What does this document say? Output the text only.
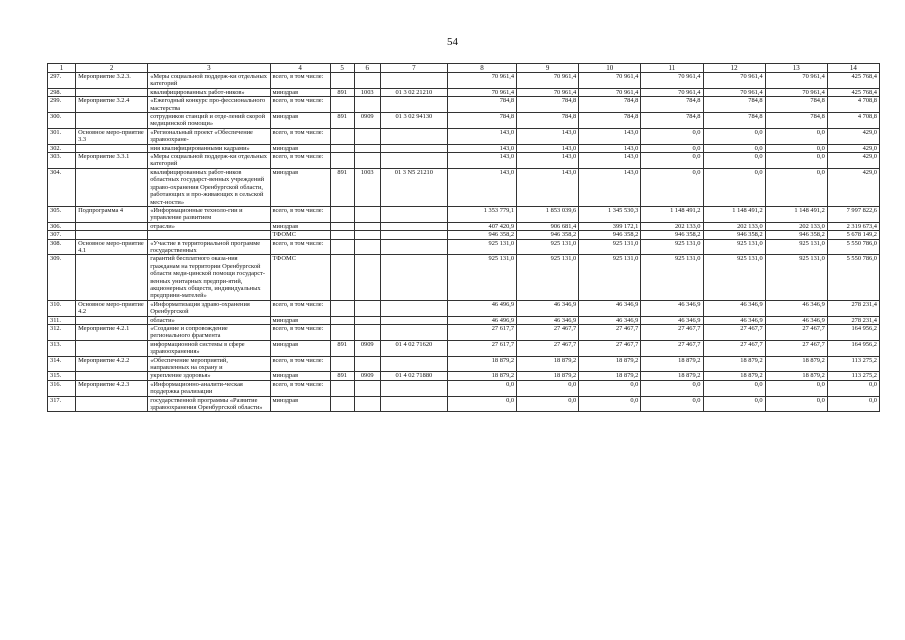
54
1	2	3	4	5	6	7	8	9	10	11	12	13	14
297.	Мероприятие 3.2.3.	«Меры социальной поддерж-ки отдельных категорий	всего, в том числе:				70 961,4	70 961,4	70 961,4	70 961,4	70 961,4	70 961,4	425 768,4
298.		квалифицированных работ-ников»	минздрав	891	1003	01 3 02 21210	70 961,4	70 961,4	70 961,4	70 961,4	70 961,4	70 961,4	425 768,4
299.	Мероприятие 3.2.4	«Ежегодный конкурс про-фессионального мастерства	всего, в том числе:				784,8	784,8	784,8	784,8	784,8	784,8	4 708,8
300.		сотрудников станций и отде-лений скорой медицинской помощи»	минздрав	891	0909	01 3 02 94130	784,8	784,8	784,8	784,8	784,8	784,8	4 708,8
301.	Основное меро-приятие 3.3	«Региональный проект «Обеспечение здравоохране-	всего, в том числе:				143,0	143,0	143,0	0,0	0,0	0,0	429,0
302.		ния квалифицированными кадрами»	минздрав				143,0	143,0	143,0	0,0	0,0	0,0	429,0
303.	Мероприятие 3.3.1	«Меры социальной поддерж-ки отдельных категорий	всего, в том числе:				143,0	143,0	143,0	0,0	0,0	0,0	429,0
304.		квалифицированных работ-ников областных государст-венных учреждений здраво-охранения Оренбургской области, работающих и про-живающих в сельской мест-ности»	минздрав	891	1003	01 3 N5 21210	143,0	143,0	143,0	0,0	0,0	0,0	429,0
305.	Подпрограмма 4	«Информационные техноло-гии и управление развитием	всего, в том числе:				1 353 779,1	1 853 039,6	1 345 530,3	1 148 491,2	1 148 491,2	1 148 491,2	7 997 822,6
306.		отрасли»	минздрав				407 420,9	906 681,4	399 172,1	202 133,0	202 133,0	202 133,0	2 319 673,4
307.			ТФОМС				946 358,2	946 358,2	946 358,2	946 358,2	946 358,2	946 358,2	5 678 149,2
308.	Основное меро-приятие 4.1	«Участие в территориальной программе государственных	всего, в том числе:				925 131,0	925 131,0	925 131,0	925 131,0	925 131,0	925 131,0	5 550 786,0
309.		гарантий бесплатного оказа-ния гражданам на территории Оренбургской области меди-цинской помощи государст-венных унитарных предпри-ятий, акционерных обществ, индивидуальных предприни-мателей»	ТФОМС				925 131,0	925 131,0	925 131,0	925 131,0	925 131,0	925 131,0	5 550 786,0
310.	Основное меро-приятие 4.2	«Информатизация здраво-охранения Оренбургской	всего, в том числе:				46 496,9	46 346,9	46 346,9	46 346,9	46 346,9	46 346,9	278 231,4
311.		области»	минздрав				46 496,9	46 346,9	46 346,9	46 346,9	46 346,9	46 346,9	278 231,4
312.	Мероприятие 4.2.1	«Создание и сопровождение регионального фрагмента	всего, в том числе:				27 617,7	27 467,7	27 467,7	27 467,7	27 467,7	27 467,7	164 956,2
313.		информационной системы в сфере здравоохранения»	минздрав	891	0909	01 4 02 71620	27 617,7	27 467,7	27 467,7	27 467,7	27 467,7	27 467,7	164 956,2
314.	Мероприятие 4.2.2	«Обеспечение мероприятий, направленных на охрану и	всего, в том числе:				18 879,2	18 879,2	18 879,2	18 879,2	18 879,2	18 879,2	113 275,2
315.		укрепление здоровья»	минздрав	891	0909	01 4 02 71880	18 879,2	18 879,2	18 879,2	18 879,2	18 879,2	18 879,2	113 275,2
316.	Мероприятие 4.2.3	«Информационно-аналити-ческая поддержка реализации	всего, в том числе:				0,0	0,0	0,0	0,0	0,0	0,0	0,0
317.		государственной программы «Развитие здравоохранения Оренбургской области»	минздрав				0,0	0,0	0,0	0,0	0,0	0,0	0,0
